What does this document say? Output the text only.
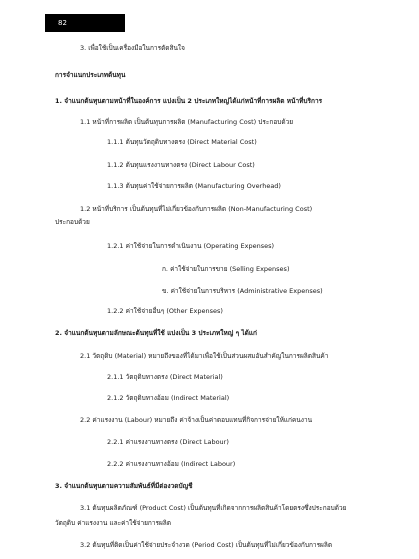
82
3. เพื่อใช้เป็นเครื่องมือในการตัดสินใจ
การจำแนกประเภทต้นทุน
1. จำแนกต้นทุนตามหน้าที่ในองค์การ แบ่งเป็น 2 ประเภทใหญ่ได้แก่หน้าที่การผลิต หน้าที่บริการ
1.1 หน้าที่การผลิต เป็นต้นทุนการผลิต (Manufacturing Cost) ประกอบด้วย
1.1.1 ต้นทุนวัตถุดิบทางตรง (Direct Material Cost)
1.1.2 ต้นทุนแรงงานทางตรง (Direct Labour Cost)
1.1.3 ต้นทุนค่าใช้จ่ายการผลิต (Manufacturing Overhead)
1.2 หน้าที่บริการ เป็นต้นทุนที่ไม่เกี่ยวข้องกับการผลิต (Non-Manufacturing Cost)
ประกอบด้วย
1.2.1 ค่าใช้จ่ายในการดำเนินงาน (Operating Expenses)
ก. ค่าใช้จ่ายในการขาย (Selling Expenses)
ข. ค่าใช้จ่ายในการบริหาร (Administrative Expenses)
1.2.2 ค่าใช้จ่ายอื่นๆ (Other Expenses)
2. จำแนกต้นทุนตามลักษณะต้นทุนที่ใช้ แบ่งเป็น 3 ประเภทใหญ่ ๆ ได้แก่
2.1 วัตถุดิบ (Material) หมายถึงของที่ได้มาเพื่อใช้เป็นส่วนผสมอันสำคัญในการผลิตสินค้า
2.1.1 วัตถุดิบทางตรง (Direct Material)
2.1.2 วัตถุดิบทางอ้อม (Indirect Material)
2.2 ค่าแรงงาน (Labour) หมายถึง ค่าจ้างเป็นค่าตอบแทนที่กิจการจ่ายให้แก่คนงาน
2.2.1 ค่าแรงงานทางตรง (Direct Labour)
2.2.2 ค่าแรงงานทางอ้อม (Indirect Labour)
3. จำแนกต้นทุนตามความสัมพันธ์ที่มีต่องวดบัญชี
3.1 ต้นทุนผลิตภัณฑ์ (Product Cost) เป็นต้นทุนที่เกิดจากการผลิตสินค้าโดยตรงซึ่งประกอบด้วย
วัตถุดิบ ค่าแรงงาน และค่าใช้จ่ายการผลิต
3.2 ต้นทุนที่ติดเป็นค่าใช้จ่ายประจำงวด (Period Cost) เป็นต้นทุนที่ไม่เกี่ยวข้องกับการผลิต
